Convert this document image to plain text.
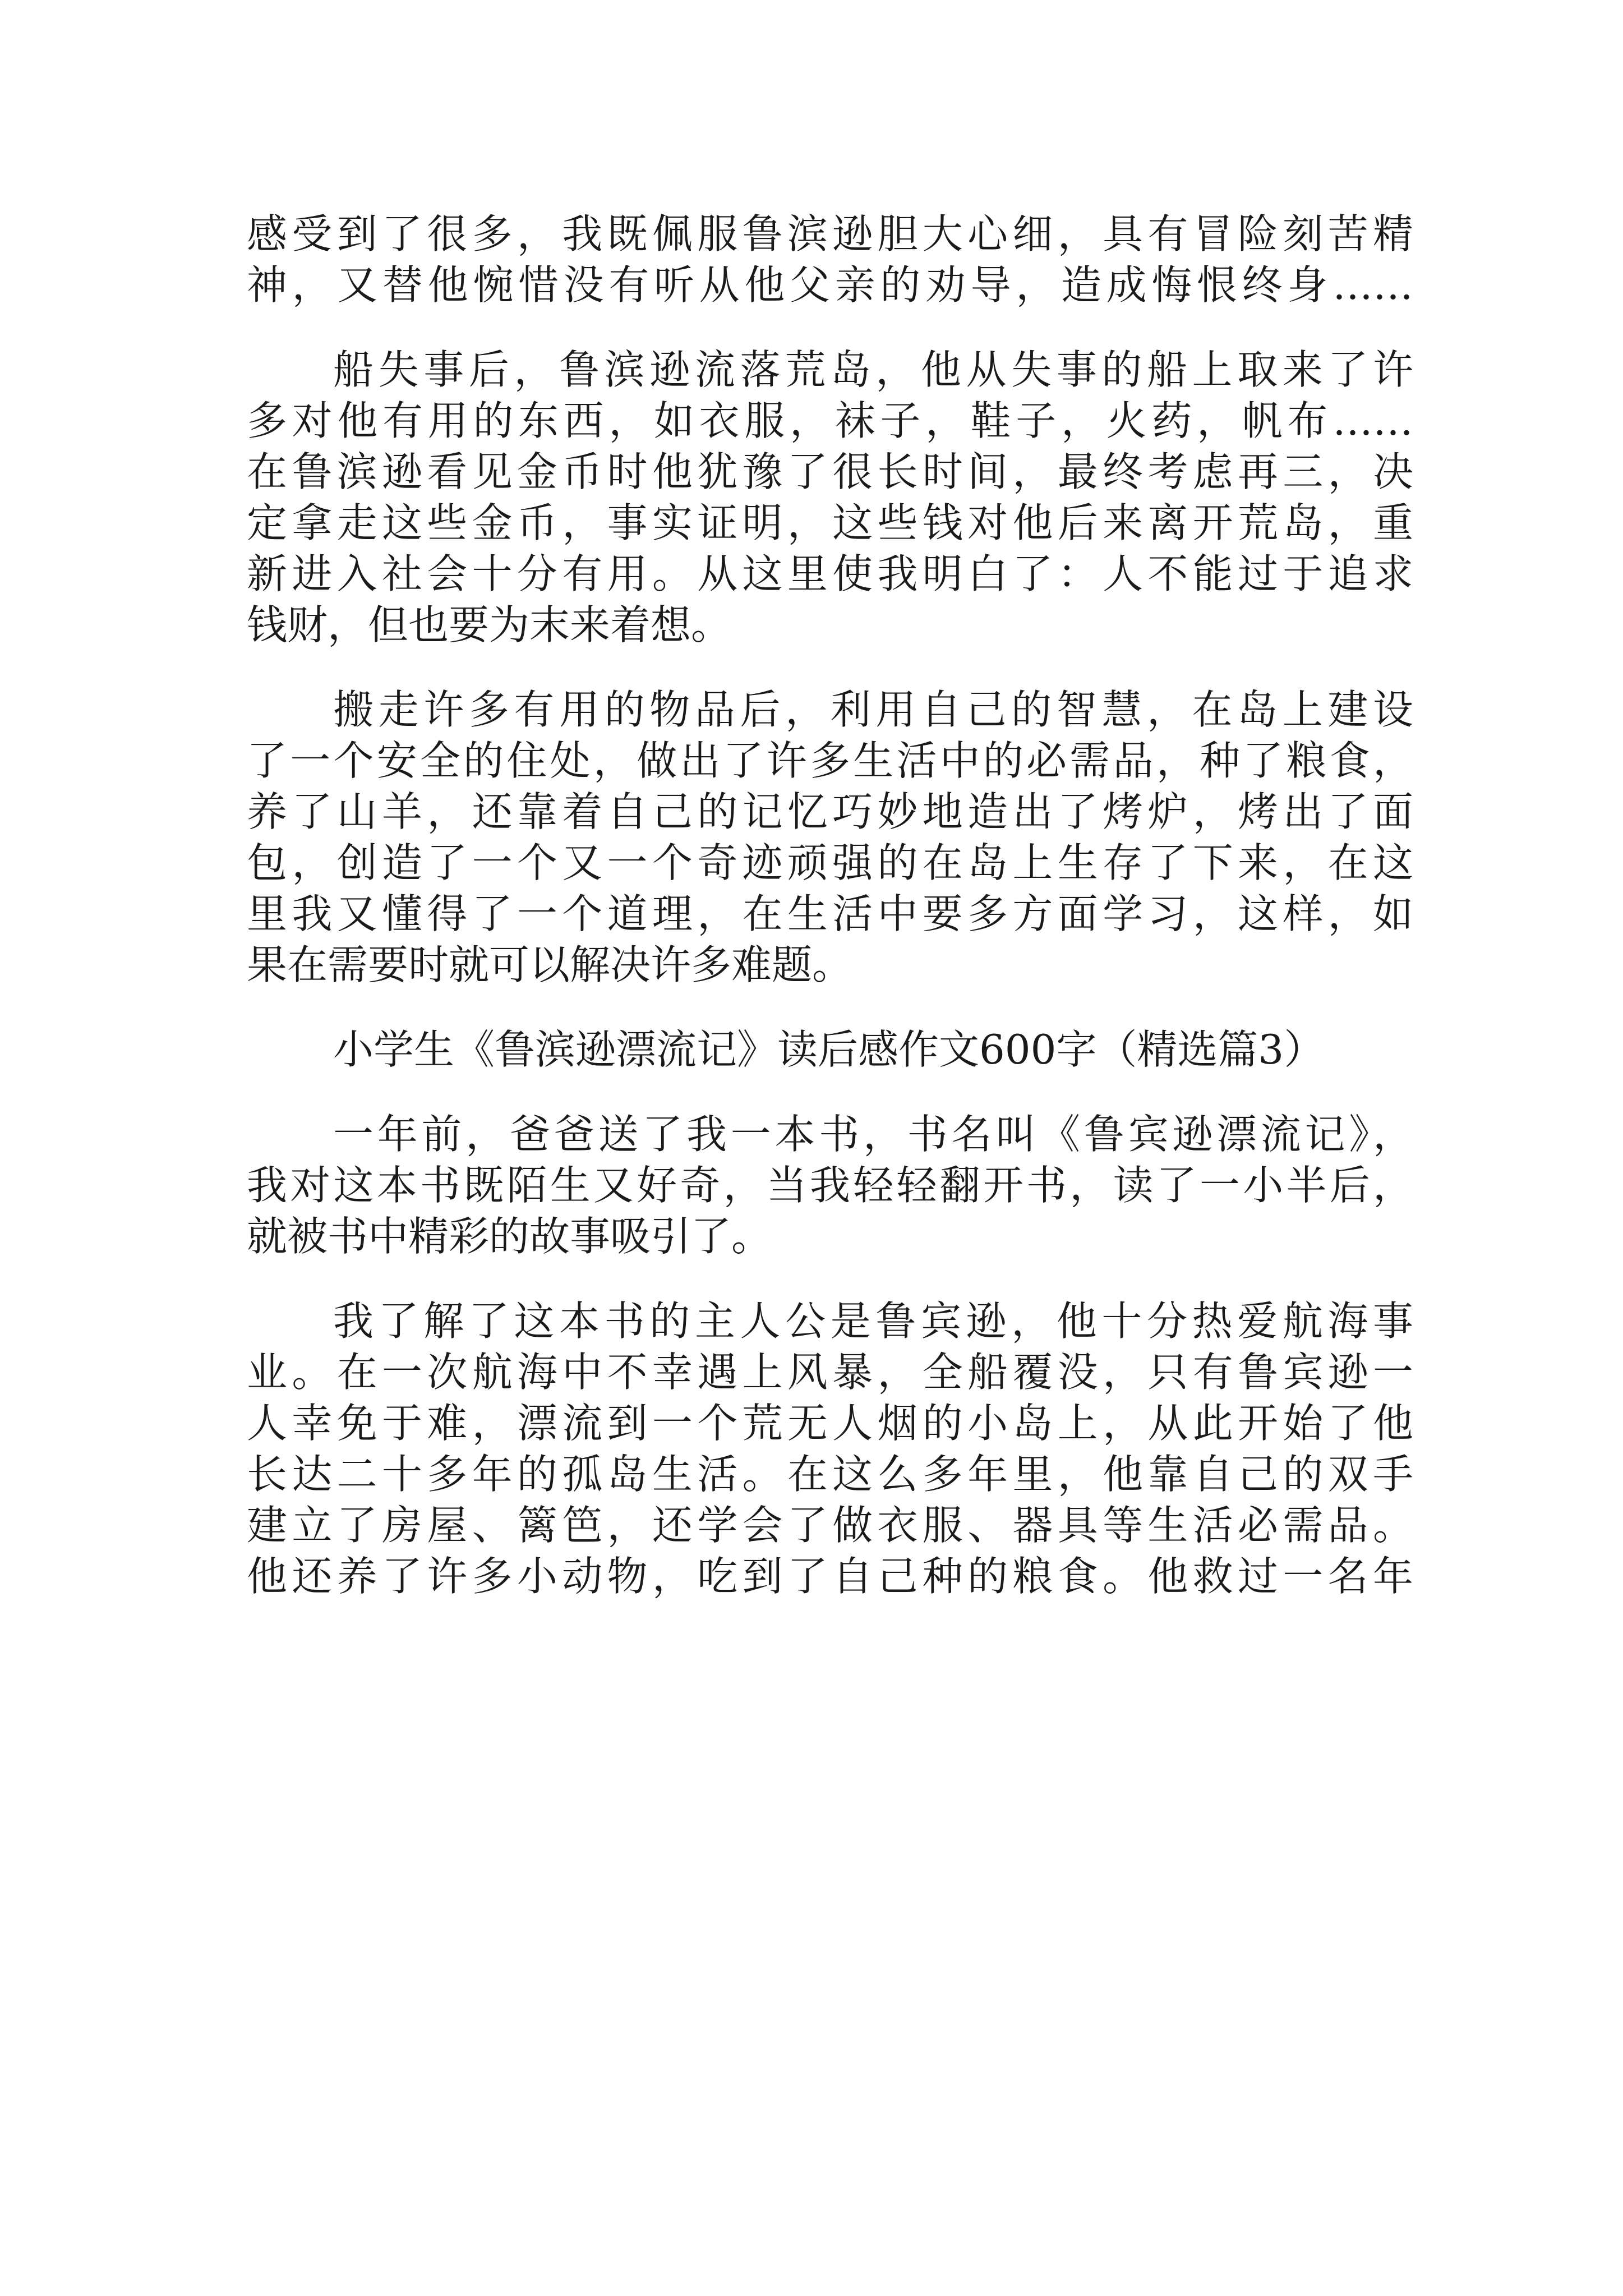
感受到了很多，我既佩服鲁滨逊胆大心细，具有冒险刻苦精
神，又替他惋惜没有听从他父亲的劝导，造成悔恨终身……
船失事后，鲁滨逊流落荒岛，他从失事的船上取来了许
多对他有用的东西，如衣服，袜子，鞋子，火药，帆布……
在鲁滨逊看见金币时他犹豫了很长时间，最终考虑再三，决
定拿走这些金币，事实证明，这些钱对他后来离开荒岛，重
新进入社会十分有用。从这里使我明白了：人不能过于追求
钱财，但也要为末来着想。
搬走许多有用的物品后，利用自己的智慧，在岛上建设
了一个安全的住处，做出了许多生活中的必需品，种了粮食，
养了山羊，还靠着自己的记忆巧妙地造出了烤炉，烤出了面
包，创造了一个又一个奇迹顽强的在岛上生存了下来，在这
里我又懂得了一个道理，在生活中要多方面学习，这样，如
果在需要时就可以解决许多难题。
小学生《鲁滨逊漂流记》读后感作文600字（精选篇3）
一年前，爸爸送了我一本书，书名叫《鲁宾逊漂流记》，
我对这本书既陌生又好奇，当我轻轻翻开书，读了一小半后，
就被书中精彩的故事吸引了。
我了解了这本书的主人公是鲁宾逊，他十分热爱航海事
业。在一次航海中不幸遇上风暴，全船覆没，只有鲁宾逊一
人幸免于难，漂流到一个荒无人烟的小岛上，从此开始了他
长达二十多年的孤岛生活。在这么多年里，他靠自己的双手
建立了房屋、篱笆，还学会了做衣服、器具等生活必需品。
他还养了许多小动物，吃到了自己种的粮食。他救过一名年
